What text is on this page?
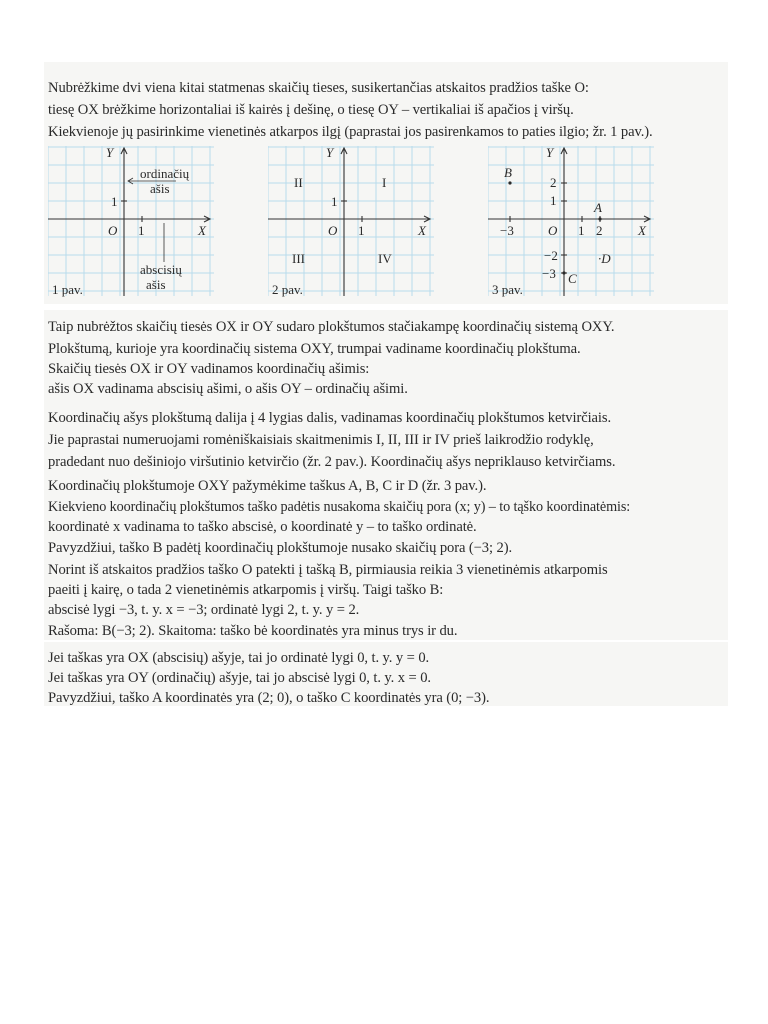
Nubrėžkime dvi viena kitai statmenas skaičių tieses, susikertančias atskaitos pradžios taške O:
tiesę OX brėžkime horizontaliai iš kairės į dešinę, o tiesę OY – vertikaliai iš apačios į viršų.
Kiekvienoje jų pasirinkime vienetinės atkarpos ilgį (paprastai jos pasirenkamos to paties ilgio; žr. 1 pav.).
Y
X
O 1
1
ordinačių
ašis
abscisių
ašis
1 pav.
Y
X
O 1
1
II	I
III	IV
2 pav.
Y
X
O
B
A
C
·D
2
1
−2
−3
−3	1 2
3 pav.
Taip nubrėžtos skaičių tiesės OX ir OY sudaro plokštumos stačiakampę koordinačių sistemą OXY.
Plokštumą, kurioje yra koordinačių sistema OXY, trumpai vadiname koordinačių plokštuma.
Skaičių tiesės OX ir OY vadinamos koordinačių ašimis:
ašis OX vadinama abscisių ašimi, o ašis OY – ordinačių ašimi.
Koordinačių ašys plokštumą dalija į 4 lygias dalis, vadinamas koordinačių plokštumos ketvirčiais.
Jie paprastai numeruojami romėniškaisiais skaitmenimis I, II, III ir IV prieš laikrodžio rodyklę,
pradedant nuo dešiniojo viršutinio ketvirčio (žr. 2 pav.). Koordinačių ašys nepriklauso ketvirčiams.
Koordinačių plokštumoje OXY pažymėkime taškus A, B, C ir D (žr. 3 pav.).
Kiekvieno koordinačių plokštumos taško padėtis nusakoma skaičių pora (x; y) – to tąško koordinatėmis:
koordinatė x vadinama to taško abscisė, o koordinatė y – to taško ordinatė.
Pavyzdžiui, taško B padėtį koordinačių plokštumoje nusako skaičių pora (−3; 2).
Norint iš atskaitos pradžios taško O patekti į tašką B, pirmiausia reikia 3 vienetinėmis atkarpomis
paeiti į kairę, o tada 2 vienetinėmis atkarpomis į viršų. Taigi taško B:
abscisė lygi −3, t. y. x = −3; ordinatė lygi 2, t. y. y = 2.
Rašoma: B(−3; 2). Skaitoma: taško bė koordinatės yra minus trys ir du.
Jei taškas yra OX (abscisių) ašyje, tai jo ordinatė lygi 0, t. y. y = 0.
Jei taškas yra OY (ordinačių) ašyje, tai jo abscisė lygi 0, t. y. x = 0.
Pavyzdžiui, taško A koordinatės yra (2; 0), o taško C koordinatės yra (0; −3).
